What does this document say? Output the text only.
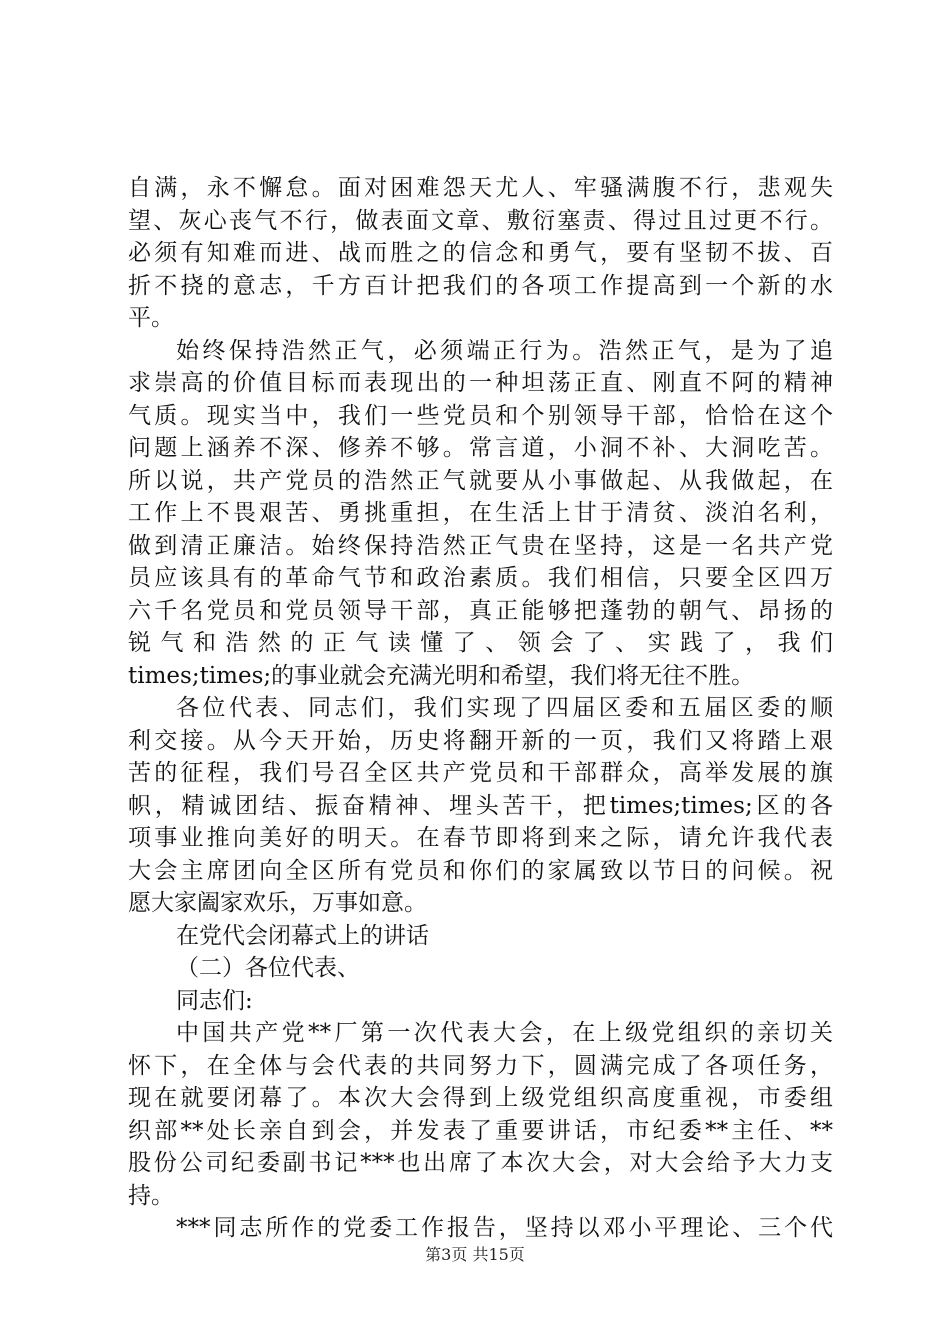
自满，永不懈怠。面对困难怨天尤人、牢骚满腹不行，悲观失
望、灰心丧气不行，做表面文章、敷衍塞责、得过且过更不行。
必须有知难而进、战而胜之的信念和勇气，要有坚韧不拔、百
折不挠的意志，千方百计把我们的各项工作提高到一个新的水
平。
始终保持浩然正气，必须端正行为。浩然正气，是为了追
求崇高的价值目标而表现出的一种坦荡正直、刚直不阿的精神
气质。现实当中，我们一些党员和个别领导干部，恰恰在这个
问题上涵养不深、修养不够。常言道，小洞不补、大洞吃苦。
所以说，共产党员的浩然正气就要从小事做起、从我做起，在
工作上不畏艰苦、勇挑重担，在生活上甘于清贫、淡泊名利，
做到清正廉洁。始终保持浩然正气贵在坚持，这是一名共产党
员应该具有的革命气节和政治素质。我们相信，只要全区四万
六千名党员和党员领导干部，真正能够把蓬勃的朝气、昂扬的
锐气和浩然的正气读懂了、领会了、实践了，我们
times;times;的事业就会充满光明和希望，我们将无往不胜。
各位代表、同志们，我们实现了四届区委和五届区委的顺
利交接。从今天开始，历史将翻开新的一页，我们又将踏上艰
苦的征程，我们号召全区共产党员和干部群众，高举发展的旗
帜，精诚团结、振奋精神、埋头苦干，把times;times;区的各
项事业推向美好的明天。在春节即将到来之际，请允许我代表
大会主席团向全区所有党员和你们的家属致以节日的问候。祝
愿大家阖家欢乐，万事如意。
在党代会闭幕式上的讲话
（二）各位代表、
同志们:
中国共产党**厂第一次代表大会，在上级党组织的亲切关
怀下，在全体与会代表的共同努力下，圆满完成了各项任务，
现在就要闭幕了。本次大会得到上级党组织高度重视，市委组
织部**处长亲自到会，并发表了重要讲话，市纪委**主任、**
股份公司纪委副书记***也出席了本次大会，对大会给予大力支
持。
***同志所作的党委工作报告，坚持以邓小平理论、三个代
第3页 共15页
